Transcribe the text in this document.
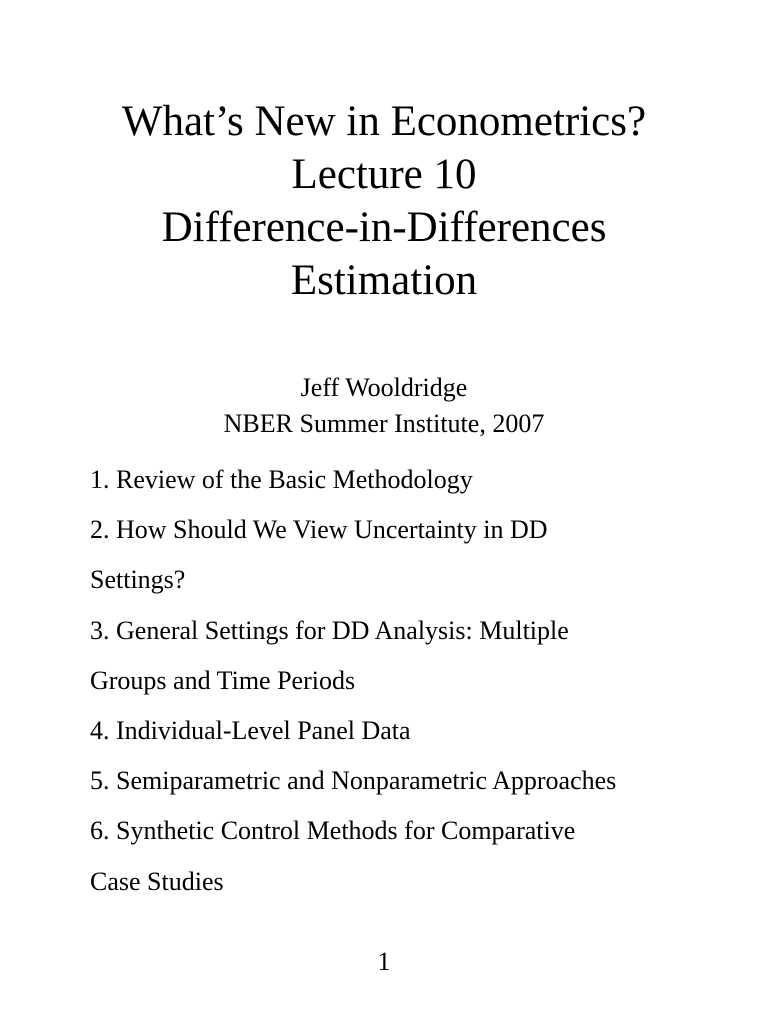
What’s New in Econometrics?
Lecture 10
Difference-in-Differences
Estimation
Jeff Wooldridge
NBER Summer Institute, 2007
1. Review of the Basic Methodology
2. How Should We View Uncertainty in DD
Settings?
3. General Settings for DD Analysis: Multiple
Groups and Time Periods
4. Individual-Level Panel Data
5. Semiparametric and Nonparametric Approaches
6. Synthetic Control Methods for Comparative
Case Studies
1
